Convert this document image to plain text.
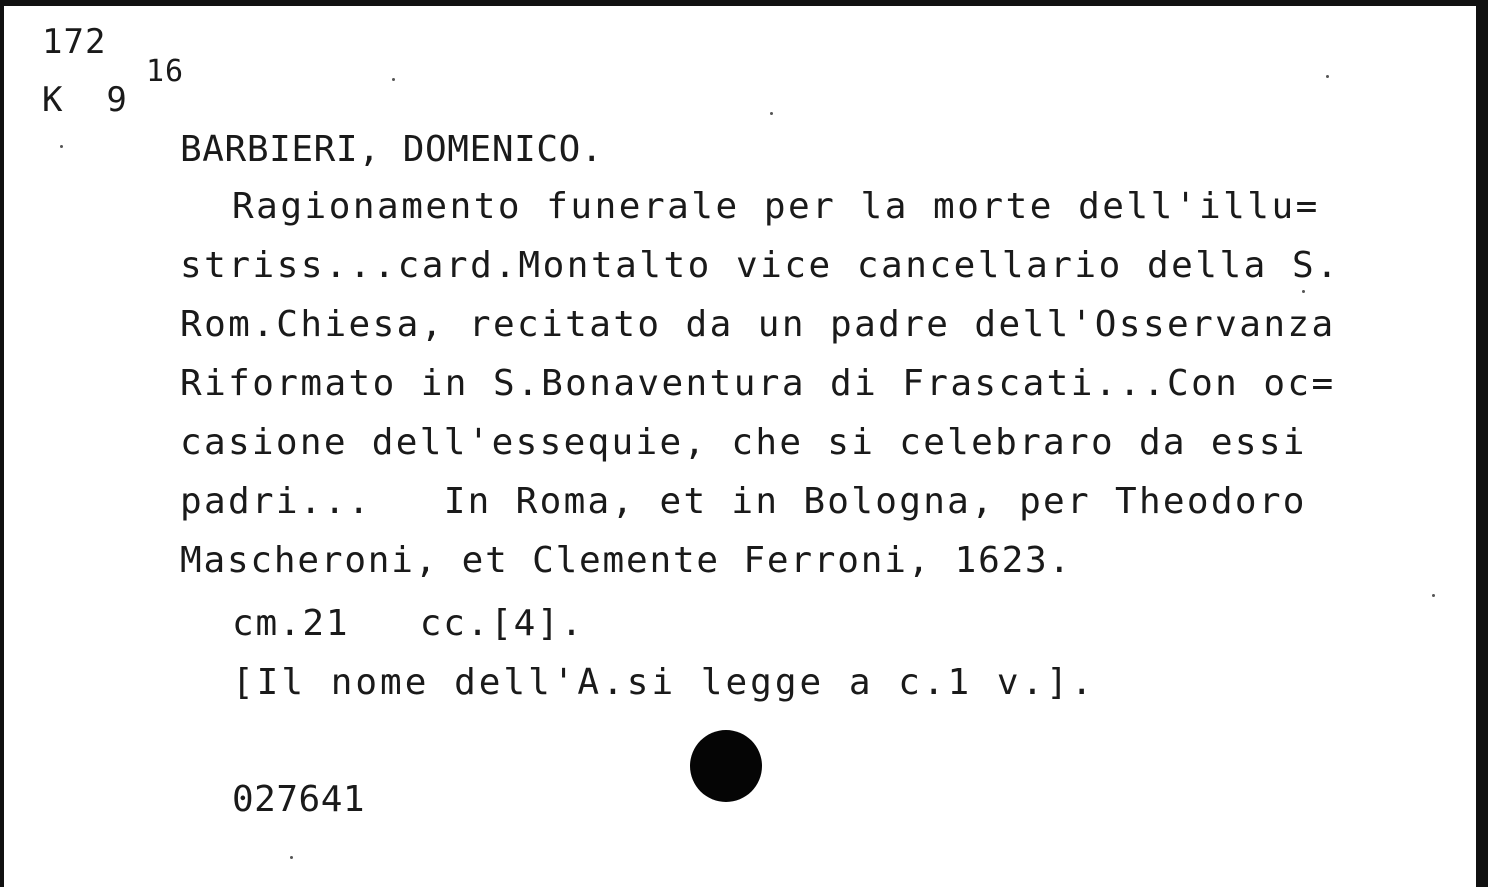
172
K  9
16
BARBIERI, DOMENICO.
Ragionamento funerale per la morte dell'illu=
striss...card.Montalto vice cancellario della S.
Rom.Chiesa, recitato da un padre dell'Osservanza
Riformato in S.Bonaventura di Frascati...Con oc=
casione dell'essequie, che si celebraro da essi
padri...   In Roma, et in Bologna, per Theodoro
Mascheroni, et Clemente Ferroni, 1623.
cm.21   cc.[4].
[Il nome dell'A.si legge a c.1 v.].
027641
